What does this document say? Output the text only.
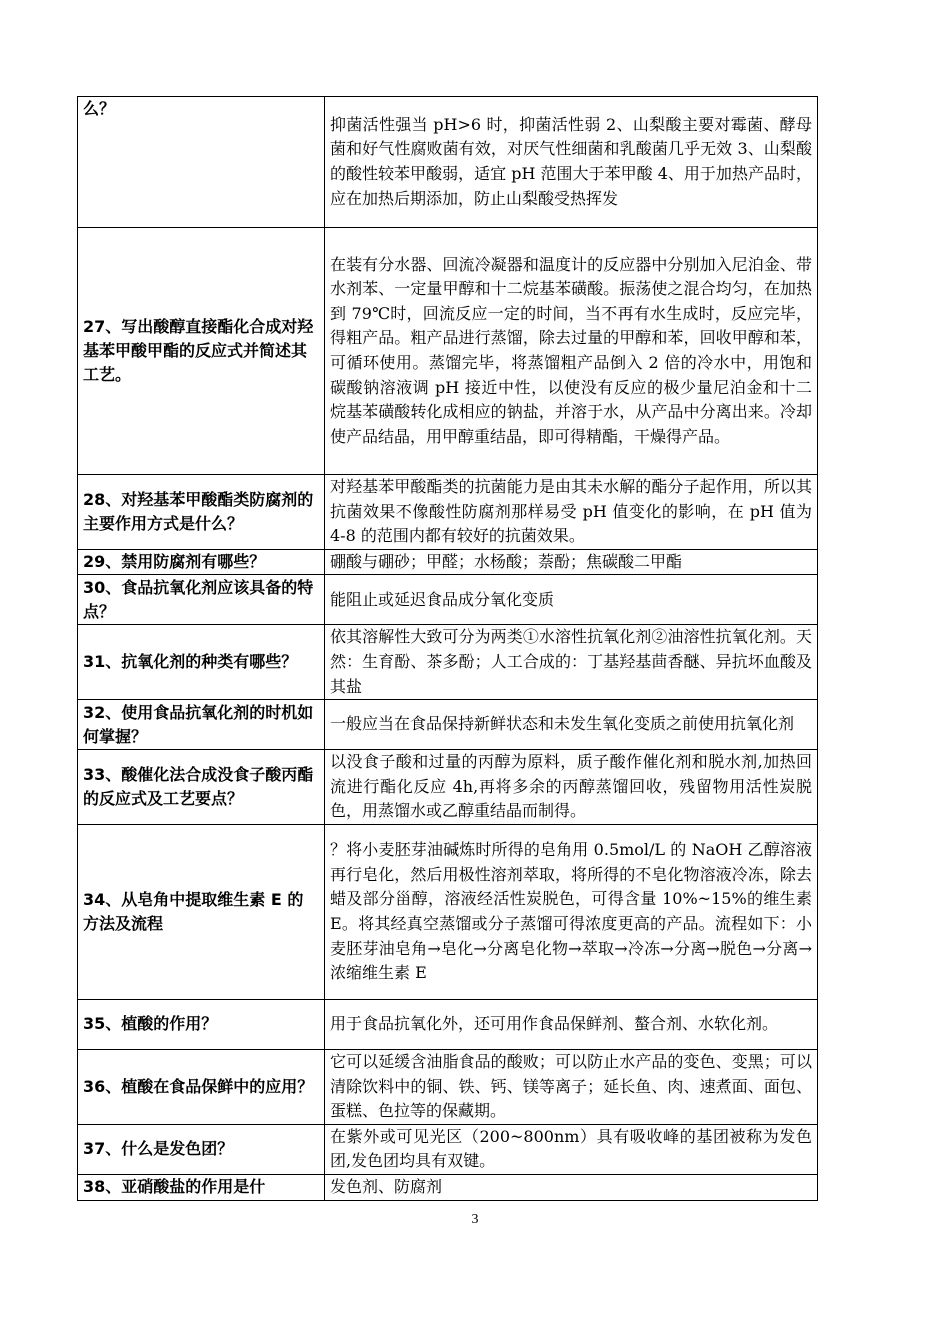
么？	抑菌活性强当 pH>6 时，抑菌活性弱 2、山梨酸主要对霉菌、酵母菌和好气性腐败菌有效，对厌气性细菌和乳酸菌几乎无效 3、山梨酸的酸性较苯甲酸弱，适宜 pH 范围大于苯甲酸 4、用于加热产品时，应在加热后期添加，防止山梨酸受热挥发
27、写出酸醇直接酯化合成对羟基苯甲酸甲酯的反应式并简述其工艺。	在装有分水器、回流冷凝器和温度计的反应器中分别加入尼泊金、带水剂苯、一定量甲醇和十二烷基苯磺酸。振荡使之混合均匀，在加热到 79℃时，回流反应一定的时间，当不再有水生成时，反应完毕，得粗产品。粗产品进行蒸馏，除去过量的甲醇和苯，回收甲醇和苯，可循环使用。蒸馏完毕，将蒸馏粗产品倒入 2 倍的冷水中，用饱和碳酸钠溶液调 pH 接近中性，以使没有反应的极少量尼泊金和十二烷基苯磺酸转化成相应的钠盐，并溶于水，从产品中分离出来。冷却使产品结晶，用甲醇重结晶，即可得精酯，干燥得产品。
28、对羟基苯甲酸酯类防腐剂的主要作用方式是什么？	对羟基苯甲酸酯类的抗菌能力是由其未水解的酯分子起作用，所以其抗菌效果不像酸性防腐剂那样易受 pH 值变化的影响，在 pH 值为 4-8 的范围内都有较好的抗菌效果。
29、禁用防腐剂有哪些？	硼酸与硼砂；甲醛；水杨酸；萘酚；焦碳酸二甲酯
30、食品抗氧化剂应该具备的特点？	能阻止或延迟食品成分氧化变质
31、抗氧化剂的种类有哪些？	依其溶解性大致可分为两类①水溶性抗氧化剂②油溶性抗氧化剂。天然：生育酚、茶多酚；人工合成的：丁基羟基茴香醚、异抗坏血酸及其盐
32、使用食品抗氧化剂的时机如何掌握？	一般应当在食品保持新鲜状态和未发生氧化变质之前使用抗氧化剂
33、酸催化法合成没食子酸丙酯的反应式及工艺要点？	以没食子酸和过量的丙醇为原料，质子酸作催化剂和脱水剂,加热回流进行酯化反应 4h,再将多余的丙醇蒸馏回收，残留物用活性炭脱色，用蒸馏水或乙醇重结晶而制得。
34、从皂角中提取维生素 E 的方法及流程	？将小麦胚芽油碱炼时所得的皂角用 0.5mol/L 的 NaOH 乙醇溶液再行皂化，然后用极性溶剂萃取，将所得的不皂化物溶液冷冻，除去蜡及部分甾醇，溶液经活性炭脱色，可得含量 10%~15%的维生素 E。将其经真空蒸馏或分子蒸馏可得浓度更高的产品。流程如下：小麦胚芽油皂角→皂化→分离皂化物→萃取→冷冻→分离→脱色→分离→浓缩维生素 E
35、植酸的作用？	用于食品抗氧化外，还可用作食品保鲜剂、螯合剂、水软化剂。
36、植酸在食品保鲜中的应用？	它可以延缓含油脂食品的酸败；可以防止水产品的变色、变黑；可以清除饮料中的铜、铁、钙、镁等离子；延长鱼、肉、速煮面、面包、蛋糕、色拉等的保藏期。
37、什么是发色团？	在紫外或可见光区（200~800nm）具有吸收峰的基团被称为发色团,发色团均具有双键。
38、亚硝酸盐的作用是什	发色剂、防腐剂
3
